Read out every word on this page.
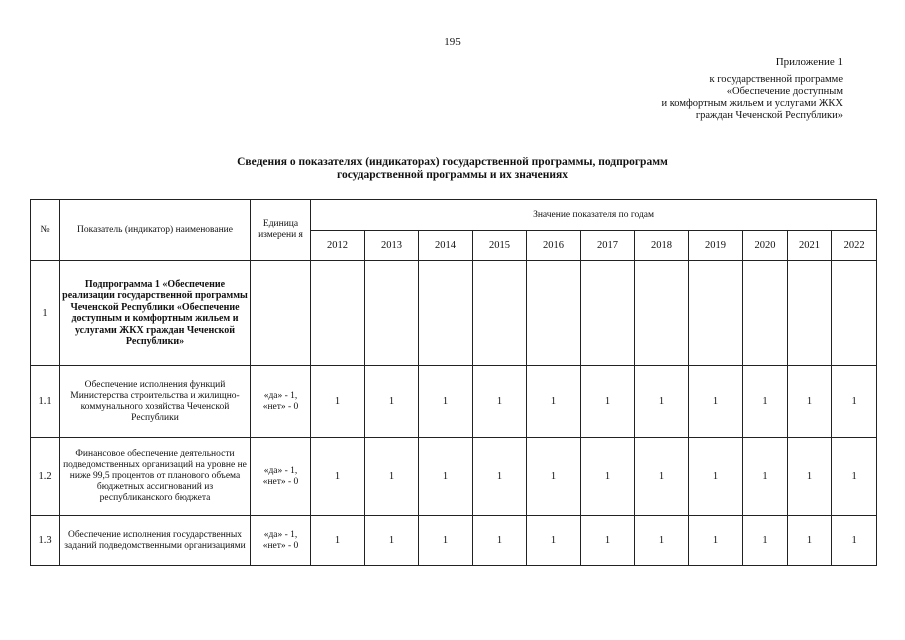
195
Приложение 1
к государственной программе
«Обеспечение доступным
и комфортным жильем и услугами ЖКХ
граждан Чеченской Республики»
Сведения о показателях (индикаторах) государственной программы, подпрограмм
государственной программы и их значениях
№	Показатель (индикатор) наименование	Единица измерени я	Значение показателя по годам										
			2012	2013	2014	2015	2016	2017	2018	2019	2020	2021	2022
1	Подпрограмма 1 «Обеспечение реализации государственной программы Чеченской Республики «Обеспечение доступным и комфортным жильем и услугами ЖКХ граждан Чеченской Республики»												
1.1	Обеспечение исполнения функций Министерства строительства и жилищно-коммунального хозяйства Чеченской Республики	«да» - 1, «нет» - 0	1	1	1	1	1	1	1	1	1	1	1
1.2	Финансовое обеспечение деятельности подведомственных организаций на уровне не ниже 99,5 процентов от планового объема бюджетных ассигнований из республиканского бюджета	«да» - 1, «нет» - 0	1	1	1	1	1	1	1	1	1	1	1
1.3	Обеспечение исполнения государственных заданий подведомственными организациями	«да» - 1, «нет» - 0	1	1	1	1	1	1	1	1	1	1	1
